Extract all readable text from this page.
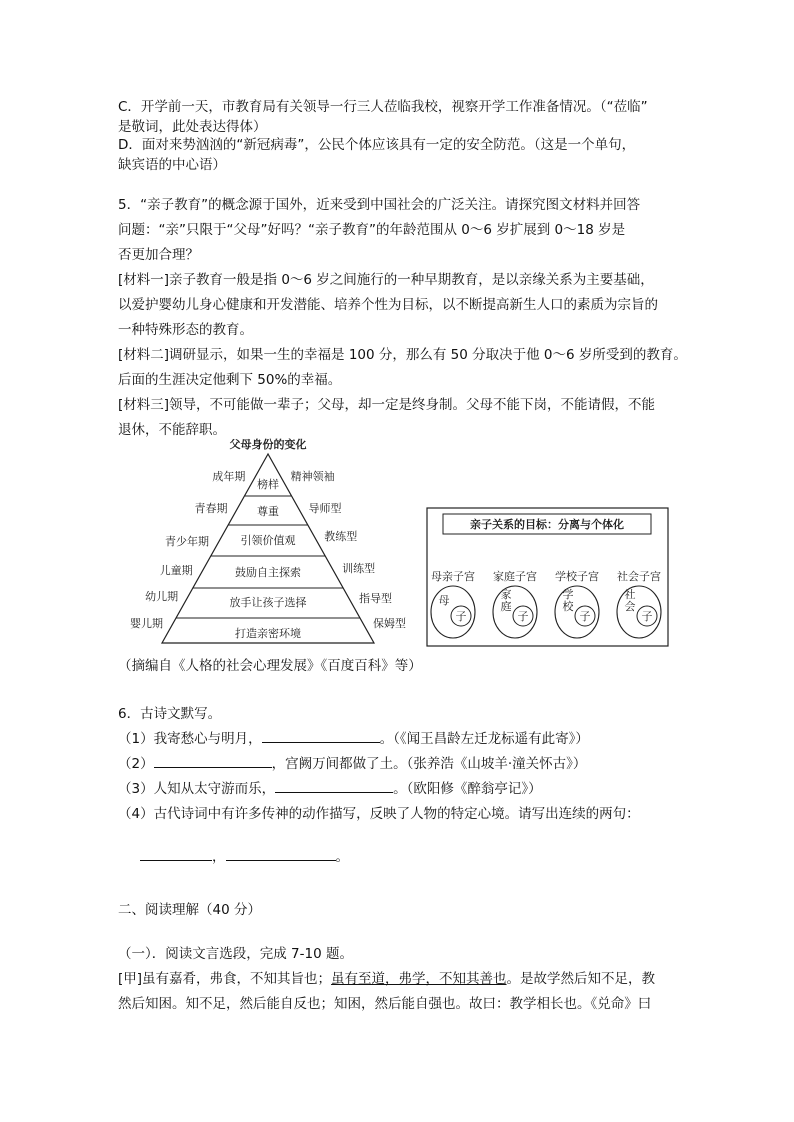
C．开学前一天，市教育局有关领导一行三人莅临我校，视察开学工作准备情况。（“莅临”
是敬词，此处表达得体）
D．面对来势汹汹的“新冠病毒”，公民个体应该具有一定的安全防范。（这是一个单句，
缺宾语的中心语）
5．“亲子教育”的概念源于国外，近来受到中国社会的广泛关注。请探究图文材料并回答
问题：“亲”只限于“父母”好吗？“亲子教育”的年龄范围从 0～6 岁扩展到 0～18 岁是
否更加合理？
[材料一]亲子教育一般是指 0～6 岁之间施行的一种早期教育，是以亲缘关系为主要基础，
以爱护婴幼儿身心健康和开发潜能、培养个性为目标，以不断提高新生人口的素质为宗旨的
一种特殊形态的教育。
[材料二]调研显示，如果一生的幸福是 100 分，那么有 50 分取决于他 0～6 岁所受到的教育。
后面的生涯决定他剩下 50%的幸福。
[材料三]领导，不可能做一辈子；父母，却一定是终身制。父母不能下岗，不能请假，不能
退休，不能辞职。
父母身份的变化
榜样
尊重
引领价值观
鼓励自主探索
放手让孩子选择
打造亲密环境
成年期
青春期
青少年期
儿童期
幼儿期
婴儿期
精神领袖
导师型
教练型
训练型
指导型
保姆型
亲子关系的目标：分离与个体化
母亲子宫
母
子
家庭子宫
家
庭
子
学校子宫
学
校
子
社会子宫
社
会
子
（摘编自《人格的社会心理发展》《百度百科》等）
6．古诗文默写。
（1）我寄愁心与明月，	。（《闻王昌龄左迁龙标遥有此寄》）
（2）	，宫阙万间都做了土。（张养浩《山坡羊·潼关怀古》）
（3）人知从太守游而乐，	。（欧阳修《醉翁亭记》）
（4）古代诗词中有许多传神的动作描写，反映了人物的特定心境。请写出连续的两句：
，	。
二、阅读理解（40 分）
（一）．阅读文言选段，完成 7-10 题。
[甲]虽有嘉肴，弗食，不知其旨也；虽有至道，弗学，不知其善也。是故学然后知不足，教
然后知困。知不足，然后能自反也；知困，然后能自强也。故曰：教学相长也。《兑命》曰
